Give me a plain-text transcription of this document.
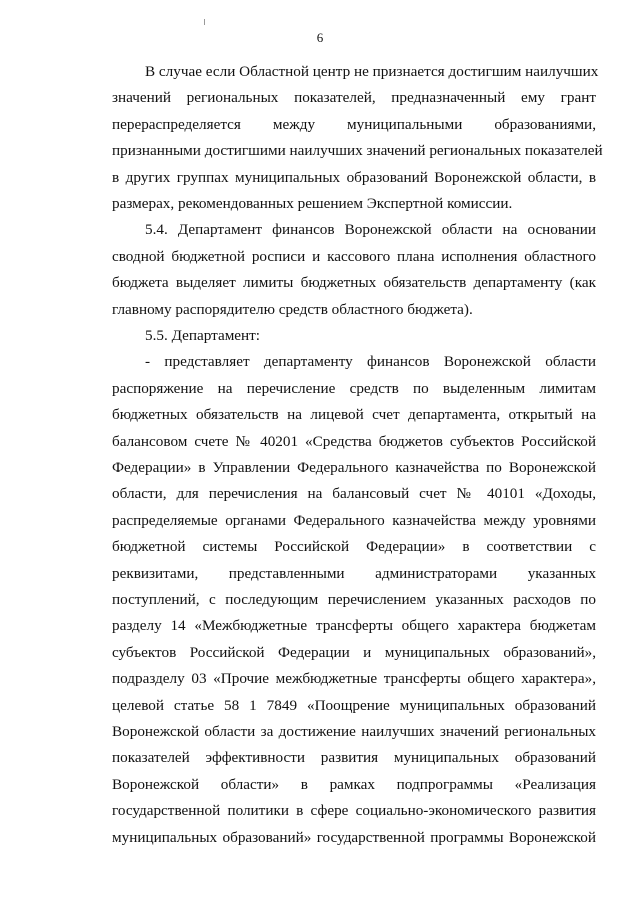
6
В случае если Областной центр не признается достигшим наилучших
значений региональных показателей, предназначенный ему грант
перераспределяется между муниципальными образованиями,
признанными достигшими наилучших значений региональных показателей
в других группах муниципальных образований Воронежской области, в
размерах, рекомендованных решением Экспертной комиссии.
5.4. Департамент финансов Воронежской области на основании
сводной бюджетной росписи и кассового плана исполнения областного
бюджета выделяет лимиты бюджетных обязательств департаменту (как
главному распорядителю средств областного бюджета).
5.5. Департамент:
- представляет департаменту финансов Воронежской области
распоряжение на перечисление средств по выделенным лимитам
бюджетных обязательств на лицевой счет департамента, открытый на
балансовом счете № 40201 «Средства бюджетов субъектов Российской
Федерации» в Управлении Федерального казначейства по Воронежской
области, для перечисления на балансовый счет № 40101 «Доходы,
распределяемые органами Федерального казначейства между уровнями
бюджетной системы Российской Федерации» в соответствии с
реквизитами, представленными администраторами указанных
поступлений, с последующим перечислением указанных расходов по
разделу 14 «Межбюджетные трансферты общего характера бюджетам
субъектов Российской Федерации и муниципальных образований»,
подразделу 03 «Прочие межбюджетные трансферты общего характера»,
целевой статье 58 1 7849 «Поощрение муниципальных образований
Воронежской области за достижение наилучших значений региональных
показателей эффективности развития муниципальных образований
Воронежской области» в рамках подпрограммы «Реализация
государственной политики в сфере социально-экономического развития
муниципальных образований» государственной программы Воронежской
